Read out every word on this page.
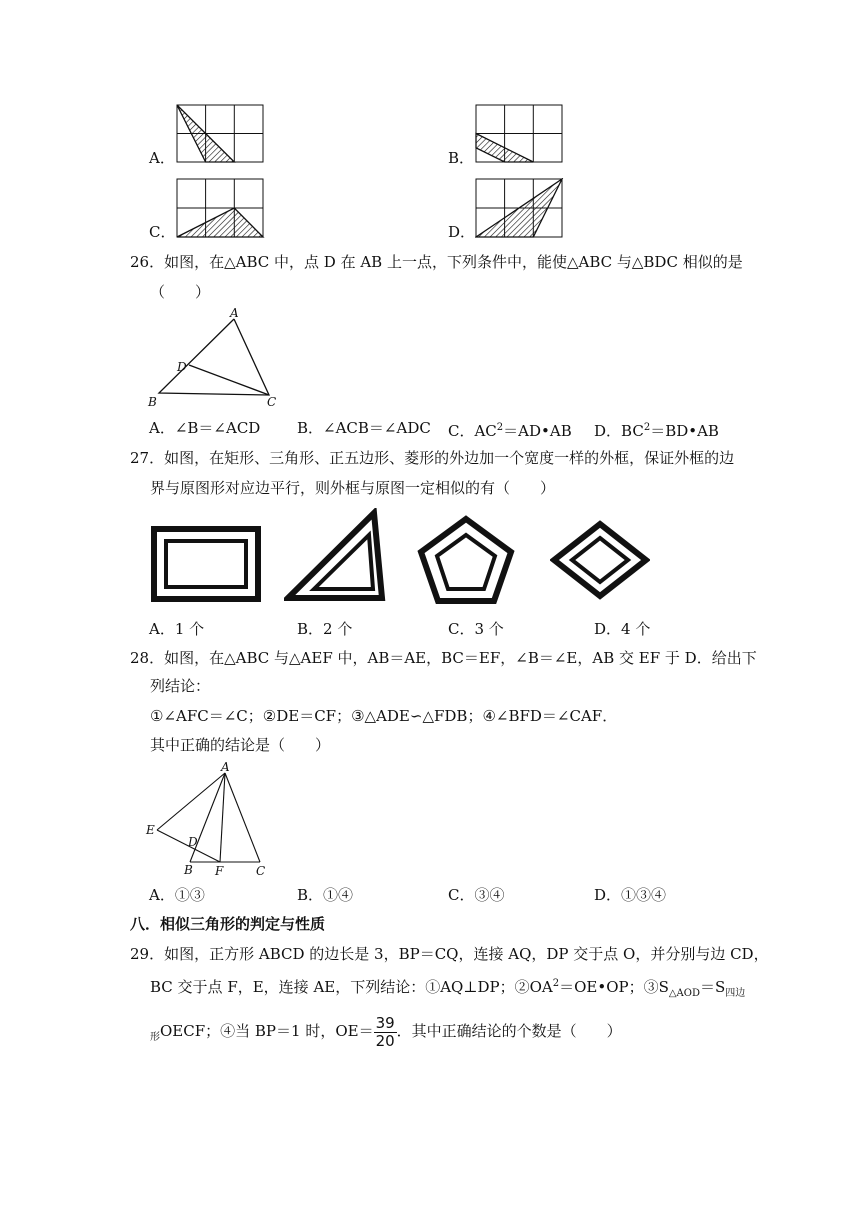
A．	B．
C．	D．
26．如图，在△ABC 中，点 D 在 AB 上一点，下列条件中，能使△ABC 与△BDC 相似的是
（　　）
A
B	C
D
A．∠B＝∠ACD B．∠ACB＝∠ADC C．$AC^2=AD•AB$ D．$BC^2=BD•AB$
27．如图，在矩形、三角形、正五边形、菱形的外边加一个宽度一样的外框，保证外框的边
界与原图形对应边平行，则外框与原图一定相似的有（　　）
A．1 个	B．2 个	C．3 个	D．4 个
28．如图，在△ABC 与△AEF 中，AB＝AE，BC＝EF，∠B＝∠E，AB 交 EF 于 D．给出下
列结论：
①∠AFC＝∠C；②DE＝CF；③△ADE∽△FDB；④∠BFD＝∠CAF．
其中正确的结论是（　　）
A
E
D
B F	C
A．①③	B．①④	C．③④	D．①③④
八．相似三角形的判定与性质
29．如图，正方形 ABCD 的边长是 3，BP＝CQ，连接 AQ，DP 交于点 O，并分别与边 CD，
BC 交于点 F，E，连接 AE，下列结论：①AQ⊥DP；$②OA^2=OE•OP$；$③S_{\triangle AOD}=S_{四边}$
$_形$OECF；④当 BP＝1 时，$OE= \frac{39}{20}$ ．其中正确结论的个数是（　　）
